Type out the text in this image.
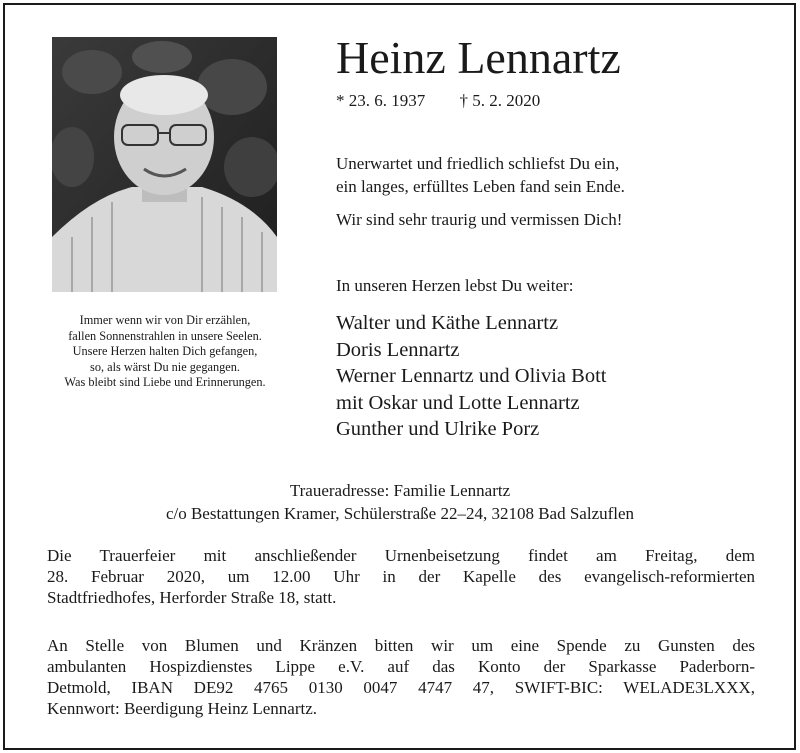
Immer wenn wir von Dir erzählen,
fallen Sonnenstrahlen in unsere Seelen.
Unsere Herzen halten Dich gefangen,
so, als wärst Du nie gegangen.
Was bleibt sind Liebe und Erinnerungen.
Heinz Lennartz
* 23. 6. 1937 † 5. 2. 2020
Unerwartet und friedlich schliefst Du ein,
ein langes, erfülltes Leben fand sein Ende.
Wir sind sehr traurig und vermissen Dich!
In unseren Herzen lebst Du weiter:
Walter und Käthe Lennartz
Doris Lennartz
Werner Lennartz und Olivia Bott
mit Oskar und Lotte Lennartz
Gunther und Ulrike Porz
Traueradresse: Familie Lennartz
c/o Bestattungen Kramer, Schülerstraße 22–24, 32108 Bad Salzuflen
Die Trauerfeier mit anschließender Urnenbeisetzung findet am Freitag, dem
28. Februar 2020, um 12.00 Uhr in der Kapelle des evangelisch-reformierten
Stadtfriedhofes, Herforder Straße 18, statt.
An Stelle von Blumen und Kränzen bitten wir um eine Spende zu Gunsten des
ambulanten Hospizdienstes Lippe e.V. auf das Konto der Sparkasse Paderborn-
Detmold, IBAN DE92 4765 0130 0047 4747 47, SWIFT-BIC: WELADE3LXXX,
Kennwort: Beerdigung Heinz Lennartz.
